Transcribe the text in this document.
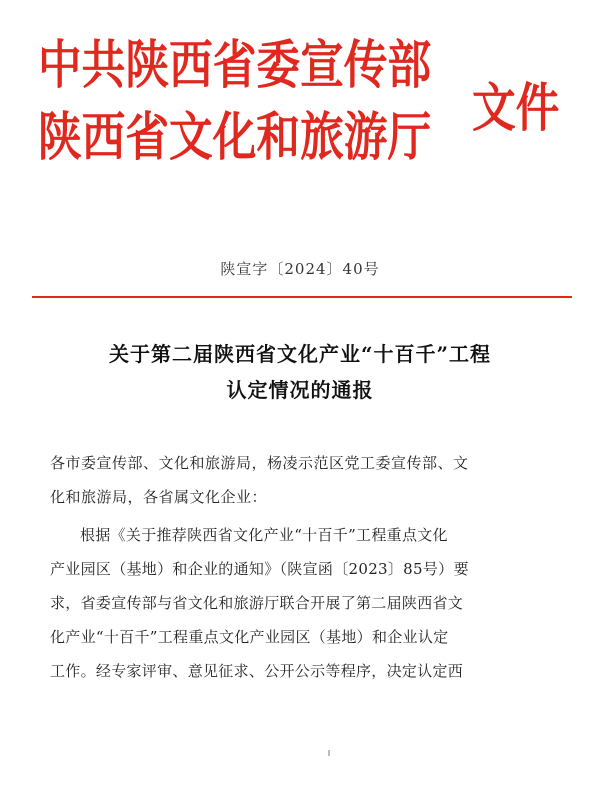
中共陕西省委宣传部
陕西省文化和旅游厅 文件
陕宣字〔2024〕40号
关于第二届陕西省文化产业“十百千”工程
认定情况的通报
各市委宣传部、文化和旅游局，杨凌示范区党工委宣传部、文
化和旅游局，各省属文化企业：
根据《关于推荐陕西省文化产业“十百千”工程重点文化
产业园区（基地）和企业的通知》（陕宣函〔2023〕85号）要
求，省委宣传部与省文化和旅游厅联合开展了第二届陕西省文
化产业“十百千”工程重点文化产业园区（基地）和企业认定
工作。经专家评审、意见征求、公开公示等程序，决定认定西
